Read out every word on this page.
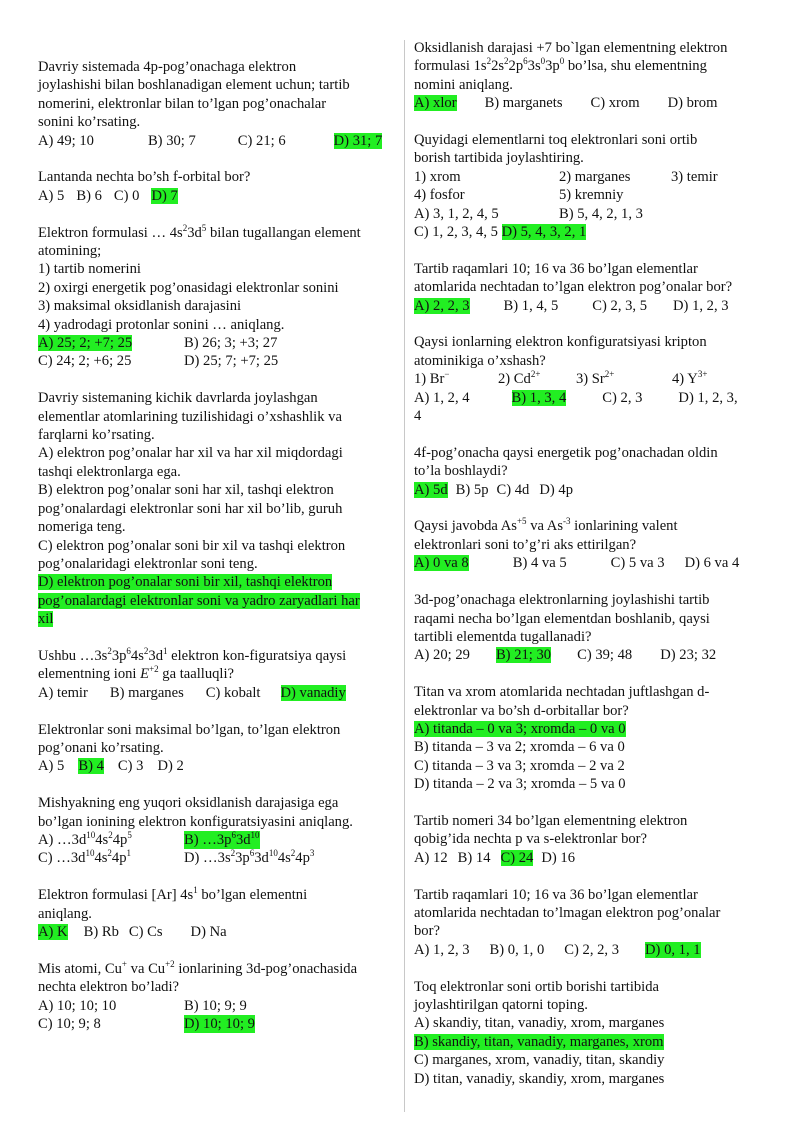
Davriy sistemada 4p-pog’onachaga elektron
joylashishi bilan boshlanadigan element uchun; tartib
nomerini, elektronlar bilan to’lgan pog’onachalar
sonini ko’rsating.
A) 49; 10	B) 30; 7	C) 21; 6	D) 31; 7
Lantanda nechta bo’sh f-orbital bor?
A) 5 B) 6 C) 0 D) 7
Elektron formulasi … $4s^23d^5$ bilan tugallangan element
atomining;
1) tartib nomerini
2) oxirgi energetik pog’onasidagi elektronlar sonini
3) maksimal oksidlanish darajasini
4) yadrodagi protonlar sonini … aniqlang.
A) 25; 2; +7; 25	B) 26; 3; +3; 27
C) 24; 2; +6; 25	D) 25; 7; +7; 25
Davriy sistemaning kichik davrlarda joylashgan
elementlar atomlarining tuzilishidagi o’xshashlik va
farqlarni ko’rsating.
A) elektron pog’onalar har xil va har xil miqdordagi
tashqi elektronlarga ega.
B) elektron pog’onalar soni har xil, tashqi elektron
pog’onalardagi elektronlar soni har xil bo’lib, guruh
nomeriga teng.
C) elektron pog’onalar soni bir xil va tashqi elektron
pog’onalaridagi elektronlar soni teng.
D) elektron pog’onalar soni bir xil, tashqi elektron
pog’onalardagi elektronlar soni va yadro zaryadlari har
xil
Ushbu $\dots 3s^23p^64s^23d^1$ elektron kon-figuratsiya qaysi
elementning ioni $E^{+2}$ ga taalluqli?
A) temir B) marganes C) kobalt D) vanadiy
Elektronlar soni maksimal bo’lgan, to’lgan elektron
pog’onani ko’rsating.
A) 5 B) 4 C) 3 D) 2
Mishyakning eng yuqori oksidlanish darajasiga ega
bo’lgan ionining elektron konfiguratsiyasini aniqlang.
A) $\dots 3d^{10}4s^24p^5$	B) $\dots 3p^63d^{10}$
C) $\dots 3d^{10}4s^24p^1$	D) $\dots 3s^23p^63d^{10}4s^24p^3$
Elektron formulasi [Ar] $4s^1$ bo’lgan elementni
aniqlang.
A) K B) Rb C) Cs D) Na
Mis atomi, Cu+ va $Cu^{+2}$ ionlarining 3d-pog’onachasida
nechta elektron bo’ladi?
A) 10; 10; 10	B) 10; 9; 9
C) 10; 9; 8	D) 10; 10; 9
Oksidlanish darajasi +7 bo`lgan elementning elektron
formulasi $1s^22s^22p^63s^03p^0$ bo’lsa, shu elementning
nomini aniqlang.
A) xlor B) marganets C) xrom D) brom
Quyidagi elementlarni toq elektronlari soni ortib
borish tartibida joylashtiring.
1) xrom	2) marganes	3) temir
4) fosfor	5) kremniy
A) 3, 1, 2, 4, 5	B) 5, 4, 2, 1, 3
C) 1, 2, 3, 4, 5 D) 5, 4, 3, 2, 1
Tartib raqamlari 10; 16 va 36 bo’lgan elementlar
atomlarida nechtadan to’lgan elektron pog’onalar bor?
A) 2, 2, 3 B) 1, 4, 5 C) 2, 3, 5 D) 1, 2, 3
Qaysi ionlarning elektron konfiguratsiyasi kripton
atominikiga o’xshash?
1) Br−	2) $Cd^{2+}$	3) $Sr^{2+}$	4) $Y^{3+}$
A) 1, 2, 4	B) 1, 3, 4 C) 2, 3 D) 1, 2, 3,
4
4f-pog’onacha qaysi energetik pog’onachadan oldin
to’la boshlaydi?
A) 5d B) 5p C) 4d D) 4p
Qaysi javobda $As^{+5}$ va $As^{-3}$ ionlarining valent
elektronlari soni to’g’ri aks ettirilgan?
A) 0 va 8	B) 4 va 5	C) 5 va 3 D) 6 va 4
3d-pog’onachaga elektronlarning joylashishi tartib
raqami necha bo’lgan elementdan boshlanib, qaysi
tartibli elementda tugallanadi?
A) 20; 29 B) 21; 30 C) 39; 48 D) 23; 32
Titan va xrom atomlarida nechtadan juftlashgan d-
elektronlar va bo’sh d-orbitallar bor?
A) titanda – 0 va 3; xromda – 0 va 0
B) titanda – 3 va 2; xromda – 6 va 0
C) titanda – 3 va 3; xromda – 2 va 2
D) titanda – 2 va 3; xromda – 5 va 0
Tartib nomeri 34 bo’lgan elementning elektron
qobig’ida nechta p va s-elektronlar bor?
A) 12 B) 14 C) 24 D) 16
Tartib raqamlari 10; 16 va 36 bo’lgan elementlar
atomlarida nechtadan to’lmagan elektron pog’onalar
bor?
A) 1, 2, 3 B) 0, 1, 0 C) 2, 2, 3 D) 0, 1, 1
Toq elektronlar soni ortib borishi tartibida
joylashtirilgan qatorni toping.
A) skandiy, titan, vanadiy, xrom, marganes
B) skandiy, titan, vanadiy, marganes, xrom
C) marganes, xrom, vanadiy, titan, skandiy
D) titan, vanadiy, skandiy, xrom, marganes
